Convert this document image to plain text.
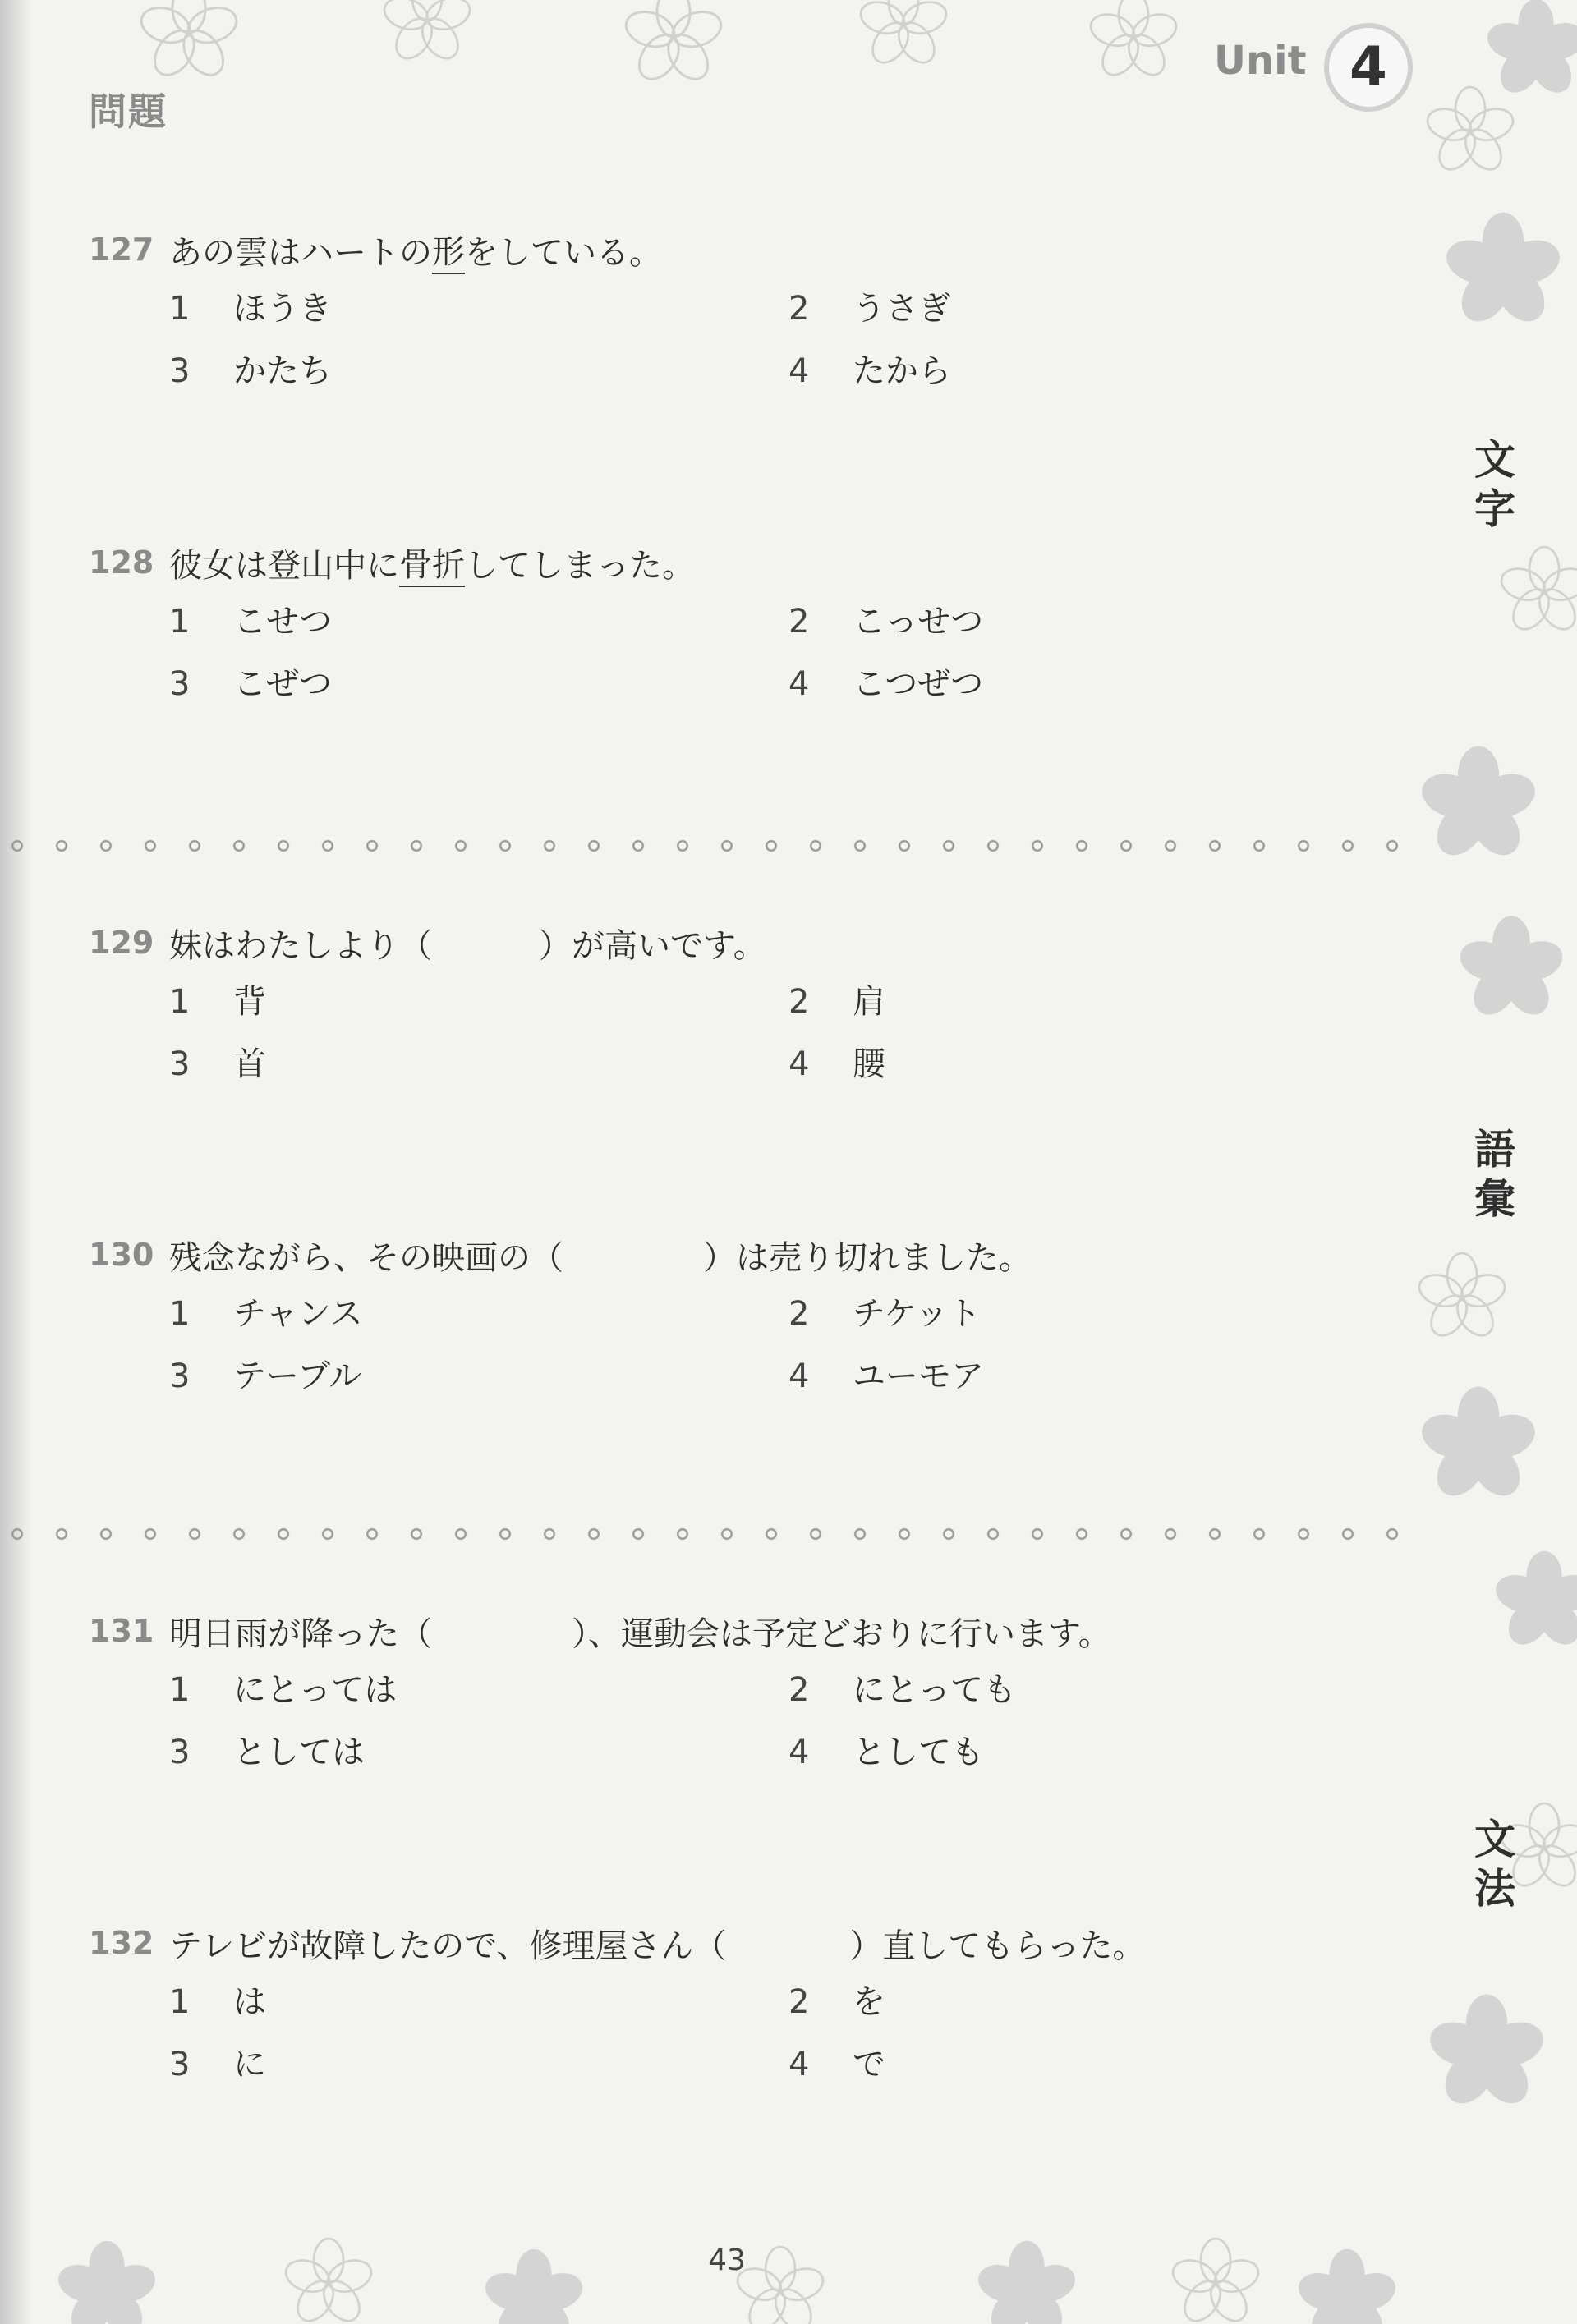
問題
Unit 4
文
字
語
彙
文
法
127 あの雲はハートの 形 をしている。
1 ほうき	2 うさぎ
3 かたち	4 たから
128 彼女は登山中に 骨折 してしまった。
1 こせつ	2 こっせつ
3 こぜつ	4 こつぜつ
129 妹はわたしより（	）が高いです。
1 背	2 肩
3 首	4 腰
130 残念ながら、その映画の（	）は売り切れました。
1 チャンス	2 チケット
3 テーブル	4 ユーモア
131 明日雨が降った（	）、運動会は予定どおりに行います。
1 にとっては	2 にとっても
3 としては	4 としても
132 テレビが故障したので、修理屋さん（	）直してもらった。
1 は	2 を
3 に	4 で
43
